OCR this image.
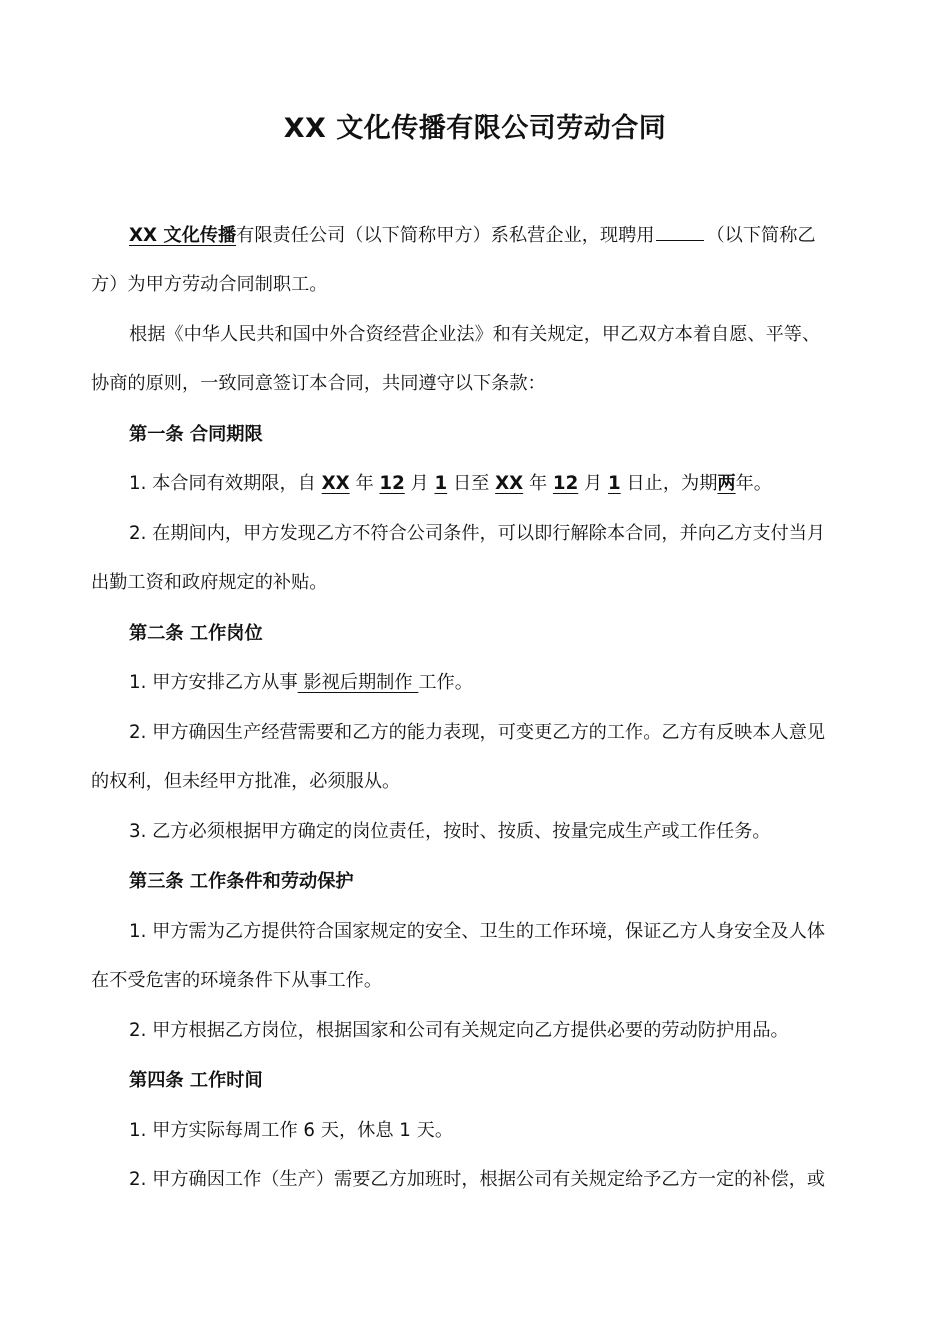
XX 文化传播有限公司劳动合同
XX 文化传播有限责任公司（以下简称甲方）系私营企业，现聘用	（以下简称乙
方）为甲方劳动合同制职工。
根据《中华人民共和国中外合资经营企业法》和有关规定，甲乙双方本着自愿、平等、
协商的原则，一致同意签订本合同，共同遵守以下条款：
第一条 合同期限
1. 本合同有效期限，自 XX 年 12 月 1 日至 XX 年 12 月 1 日止，为期两年。
2. 在期间内，甲方发现乙方不符合公司条件，可以即行解除本合同，并向乙方支付当月
出勤工资和政府规定的补贴。
第二条 工作岗位
1. 甲方安排乙方从事 影视后期制作 工作。
2. 甲方确因生产经营需要和乙方的能力表现，可变更乙方的工作。乙方有反映本人意见
的权利，但未经甲方批准，必须服从。
3. 乙方必须根据甲方确定的岗位责任，按时、按质、按量完成生产或工作任务。
第三条 工作条件和劳动保护
1. 甲方需为乙方提供符合国家规定的安全、卫生的工作环境，保证乙方人身安全及人体
在不受危害的环境条件下从事工作。
2. 甲方根据乙方岗位，根据国家和公司有关规定向乙方提供必要的劳动防护用品。
第四条 工作时间
1. 甲方实际每周工作 6 天，休息 1 天。
2. 甲方确因工作（生产）需要乙方加班时，根据公司有关规定给予乙方一定的补偿，或
